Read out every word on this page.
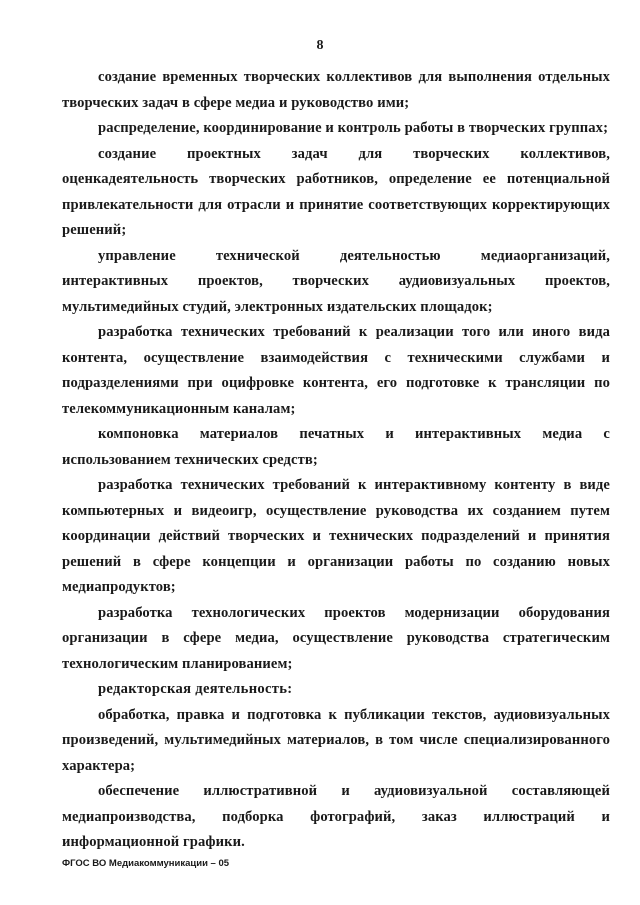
8

создание временных творческих коллективов для выполнения отдельных творческих задач в сфере медиа и руководство ими;

распределение, координирование и контроль работы в творческих группах;

создание проектных задач для творческих коллективов, оценкадеятельность творческих работников, определение ее потенциальной привлекательности для отрасли и принятие соответствующих корректирующих решений;

управление технической деятельностью медиаорганизаций, интерактивных проектов, творческих аудиовизуальных проектов, мультимедийных студий, электронных издательских площадок;

разработка технических требований к реализации того или иного вида контента, осуществление взаимодействия с техническими службами и подразделениями при оцифровке контента, его подготовке к трансляции по телекоммуникационным каналам;

компоновка материалов печатных и интерактивных медиа с использованием технических средств;

разработка технических требований к интерактивному контенту в виде компьютерных и видеоигр, осуществление руководства их созданием путем координации действий творческих и технических подразделений и принятия решений в сфере концепции и организации работы по созданию новых медиапродуктов;

разработка технологических проектов модернизации оборудования организации в сфере медиа, осуществление руководства стратегическим технологическим планированием;

редакторская деятельность:

обработка, правка и подготовка к публикации текстов, аудиовизуальных произведений, мультимедийных материалов, в том числе специализированного характера;

обеспечение иллюстративной и аудиовизуальной составляющей медиапроизводства, подборка фотографий, заказ иллюстраций и информационной графики.

ФГОС ВО Медиакоммуникации – 05
